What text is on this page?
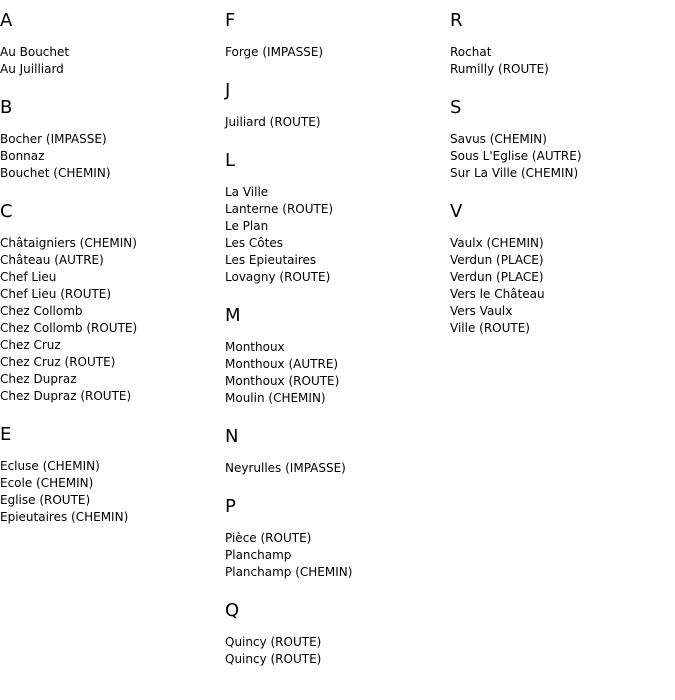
A
Au Bouchet
Au Juilliard
B
Bocher (IMPASSE)
Bonnaz
Bouchet (CHEMIN)
C
Châtaigniers (CHEMIN)
Château (AUTRE)
Chef Lieu
Chef Lieu (ROUTE)
Chez Collomb
Chez Collomb (ROUTE)
Chez Cruz
Chez Cruz (ROUTE)
Chez Dupraz
Chez Dupraz (ROUTE)
E
Ecluse (CHEMIN)
Ecole (CHEMIN)
Eglise (ROUTE)
Epieutaires (CHEMIN)
F
Forge (IMPASSE)
J
Juiliard (ROUTE)
L
La Ville
Lanterne (ROUTE)
Le Plan
Les Côtes
Les Epieutaires
Lovagny (ROUTE)
M
Monthoux
Monthoux (AUTRE)
Monthoux (ROUTE)
Moulin (CHEMIN)
N
Neyrulles (IMPASSE)
P
Pièce (ROUTE)
Planchamp
Planchamp (CHEMIN)
Q
Quincy (ROUTE)
Quincy (ROUTE)
R
Rochat
Rumilly (ROUTE)
S
Savus (CHEMIN)
Sous L'Eglise (AUTRE)
Sur La Ville (CHEMIN)
V
Vaulx (CHEMIN)
Verdun (PLACE)
Verdun (PLACE)
Vers le Château
Vers Vaulx
Ville (ROUTE)
